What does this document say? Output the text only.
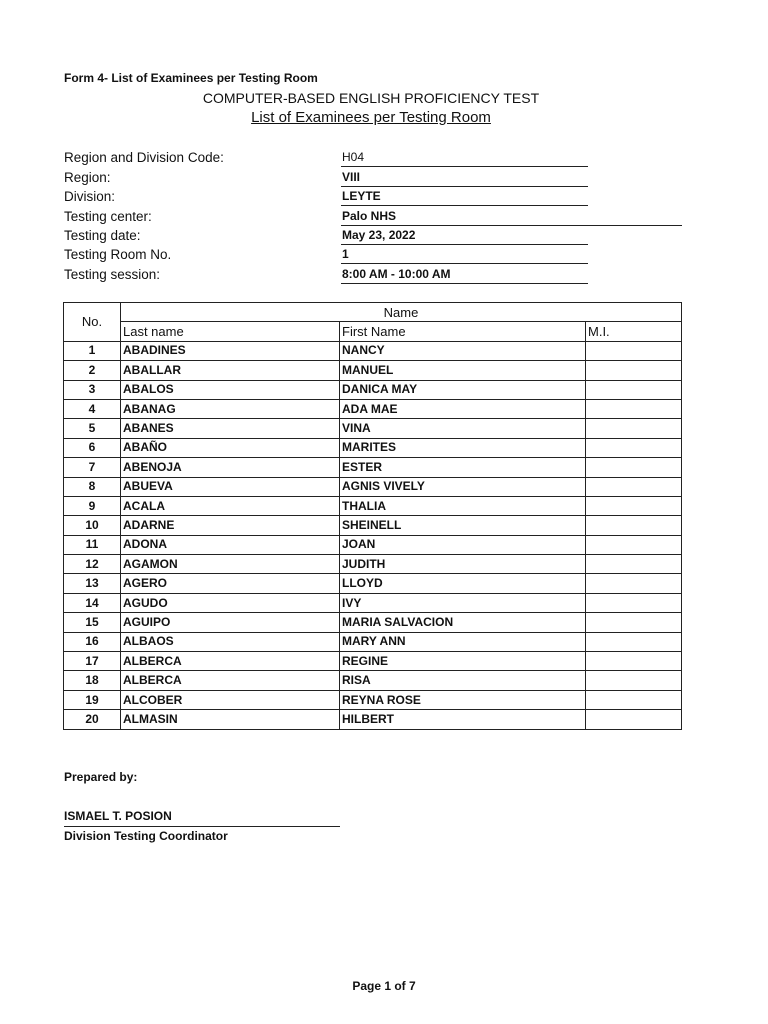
Form 4- List of Examinees per Testing Room
COMPUTER-BASED ENGLISH PROFICIENCY TEST
List of Examinees per Testing Room
Region and Division Code:	H04
Region:	VIII
Division:	LEYTE
Testing center:	Palo NHS
Testing date:	May 23, 2022
Testing Room No.	1
Testing session:	8:00 AM - 10:00 AM
No.	Name		
	Last name	First Name	M.I.
1	ABADINES	NANCY	
2	ABALLAR	MANUEL	
3	ABALOS	DANICA MAY	
4	ABANAG	ADA MAE	
5	ABANES	VINA	
6	ABAÑO	MARITES	
7	ABENOJA	ESTER	
8	ABUEVA	AGNIS VIVELY	
9	ACALA	THALIA	
10	ADARNE	SHEINELL	
11	ADONA	JOAN	
12	AGAMON	JUDITH	
13	AGERO	LLOYD	
14	AGUDO	IVY	
15	AGUIPO	MARIA SALVACION	
16	ALBAOS	MARY ANN	
17	ALBERCA	REGINE	
18	ALBERCA	RISA	
19	ALCOBER	REYNA ROSE	
20	ALMASIN	HILBERT	
Prepared by:
ISMAEL T. POSION
Division Testing Coordinator
Page 1 of 7
